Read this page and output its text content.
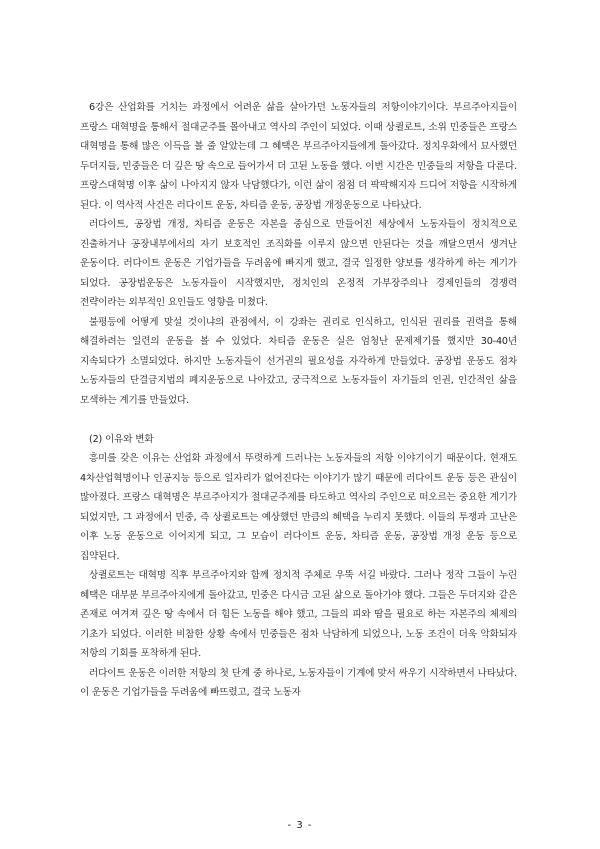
6강은 산업화를 거치는 과정에서 어려운 삶을 살아가던 노동자들의 저항이야기이다. 부르주아지들이 프랑스 대혁명을 통해서 절대군주를 몰아내고 역사의 주인이 되었다. 이때 상퀼로트, 소위 민중들은 프랑스 대혁명을 통해 많은 이득을 볼 줄 알았는데 그 혜택은 부르주아지들에게 돌아갔다. 정치우화에서 묘사했던 두더지들, 민중들은 더 깊은 땅 속으로 들어가서 더 고된 노동을 했다. 이번 시간은 민중들의 저항을 다룬다. 프랑스대혁명 이후 삶이 나아지지 않자 낙담했다가, 이런 삶이 점점 더 팍팍해지자 드디어 저항을 시작하게 된다. 이 역사적 사건은 러다이트 운동, 차티즘 운동, 공장법 개정운동으로 나타났다.

러다이트, 공장법 개정, 차티즘 운동은 자본을 중심으로 만들어진 세상에서 노동자들이 정치적으로 진출하거나 공장내부에서의 자기 보호적인 조직화를 이루지 않으면 안된다는 것을 깨달으면서 생겨난 운동이다. 러다이트 운동은 기업가들을 두려움에 빠지게 했고, 결국 일정한 양보를 생각하게 하는 계기가 되었다. 공장법운동은 노동자들이 시작했지만, 정치인의 온정적 가부장주의나 경제인들의 경쟁력 전략이라는 외부적인 요인들도 영향을 미쳤다.

불평등에 어떻게 맞설 것이냐의 관점에서, 이 강좌는 권리로 인식하고, 인식된 권리를 권력을 통해 해결하려는 일련의 운동을 볼 수 있었다. 차티즘 운동은 실은 엄청난 문제제기를 했지만 30-40년 지속되다가 소멸되었다. 하지만 노동자들이 선거권의 필요성을 자각하게 만들었다. 공장법 운동도 점차 노동자들의 단결금지법의 폐지운동으로 나아갔고, 궁극적으로 노동자들이 자기들의 인권, 인간적인 삶을 모색하는 계기를 만들었다.

(2) 이유와 변화

흥미를 갖은 이유는 산업화 과정에서 뚜렷하게 드러나는 노동자들의 저항 이야기이기 때문이다. 현재도 4차산업혁명이나 인공지능 등으로 일자리가 없어진다는 이야기가 많기 때문에 러다이트 운동 등은 관심이 많아졌다. 프랑스 대혁명은 부르주아지가 절대군주제를 타도하고 역사의 주인으로 떠오르는 중요한 계기가 되었지만, 그 과정에서 민중, 즉 상퀼로트는 예상했던 만큼의 혜택을 누리지 못했다. 이들의 투쟁과 고난은 이후 노동 운동으로 이어지게 되고, 그 모습이 러다이트 운동, 차티즘 운동, 공장법 개정 운동 등으로 집약된다.

상퀼로트는 대혁명 직후 부르주아지와 함께 정치적 주체로 우뚝 서길 바랐다. 그러나 정작 그들이 누린 혜택은 대부분 부르주아지에게 돌아갔고, 민중은 다시금 고된 삶으로 돌아가야 했다. 그들은 두더지와 같은 존재로 여겨져 깊은 땅 속에서 더 힘든 노동을 해야 했고, 그들의 피와 땀을 필요로 하는 자본주의 체제의 기초가 되었다. 이러한 비참한 상황 속에서 민중들은 점차 낙담하게 되었으나, 노동 조건이 더욱 악화되자 저항의 기회를 포착하게 된다.

러다이트 운동은 이러한 저항의 첫 단계 중 하나로, 노동자들이 기계에 맞서 싸우기 시작하면서 나타났다. 이 운동은 기업가들을 두려움에 빠뜨렸고, 결국 노동자

- 3 -
